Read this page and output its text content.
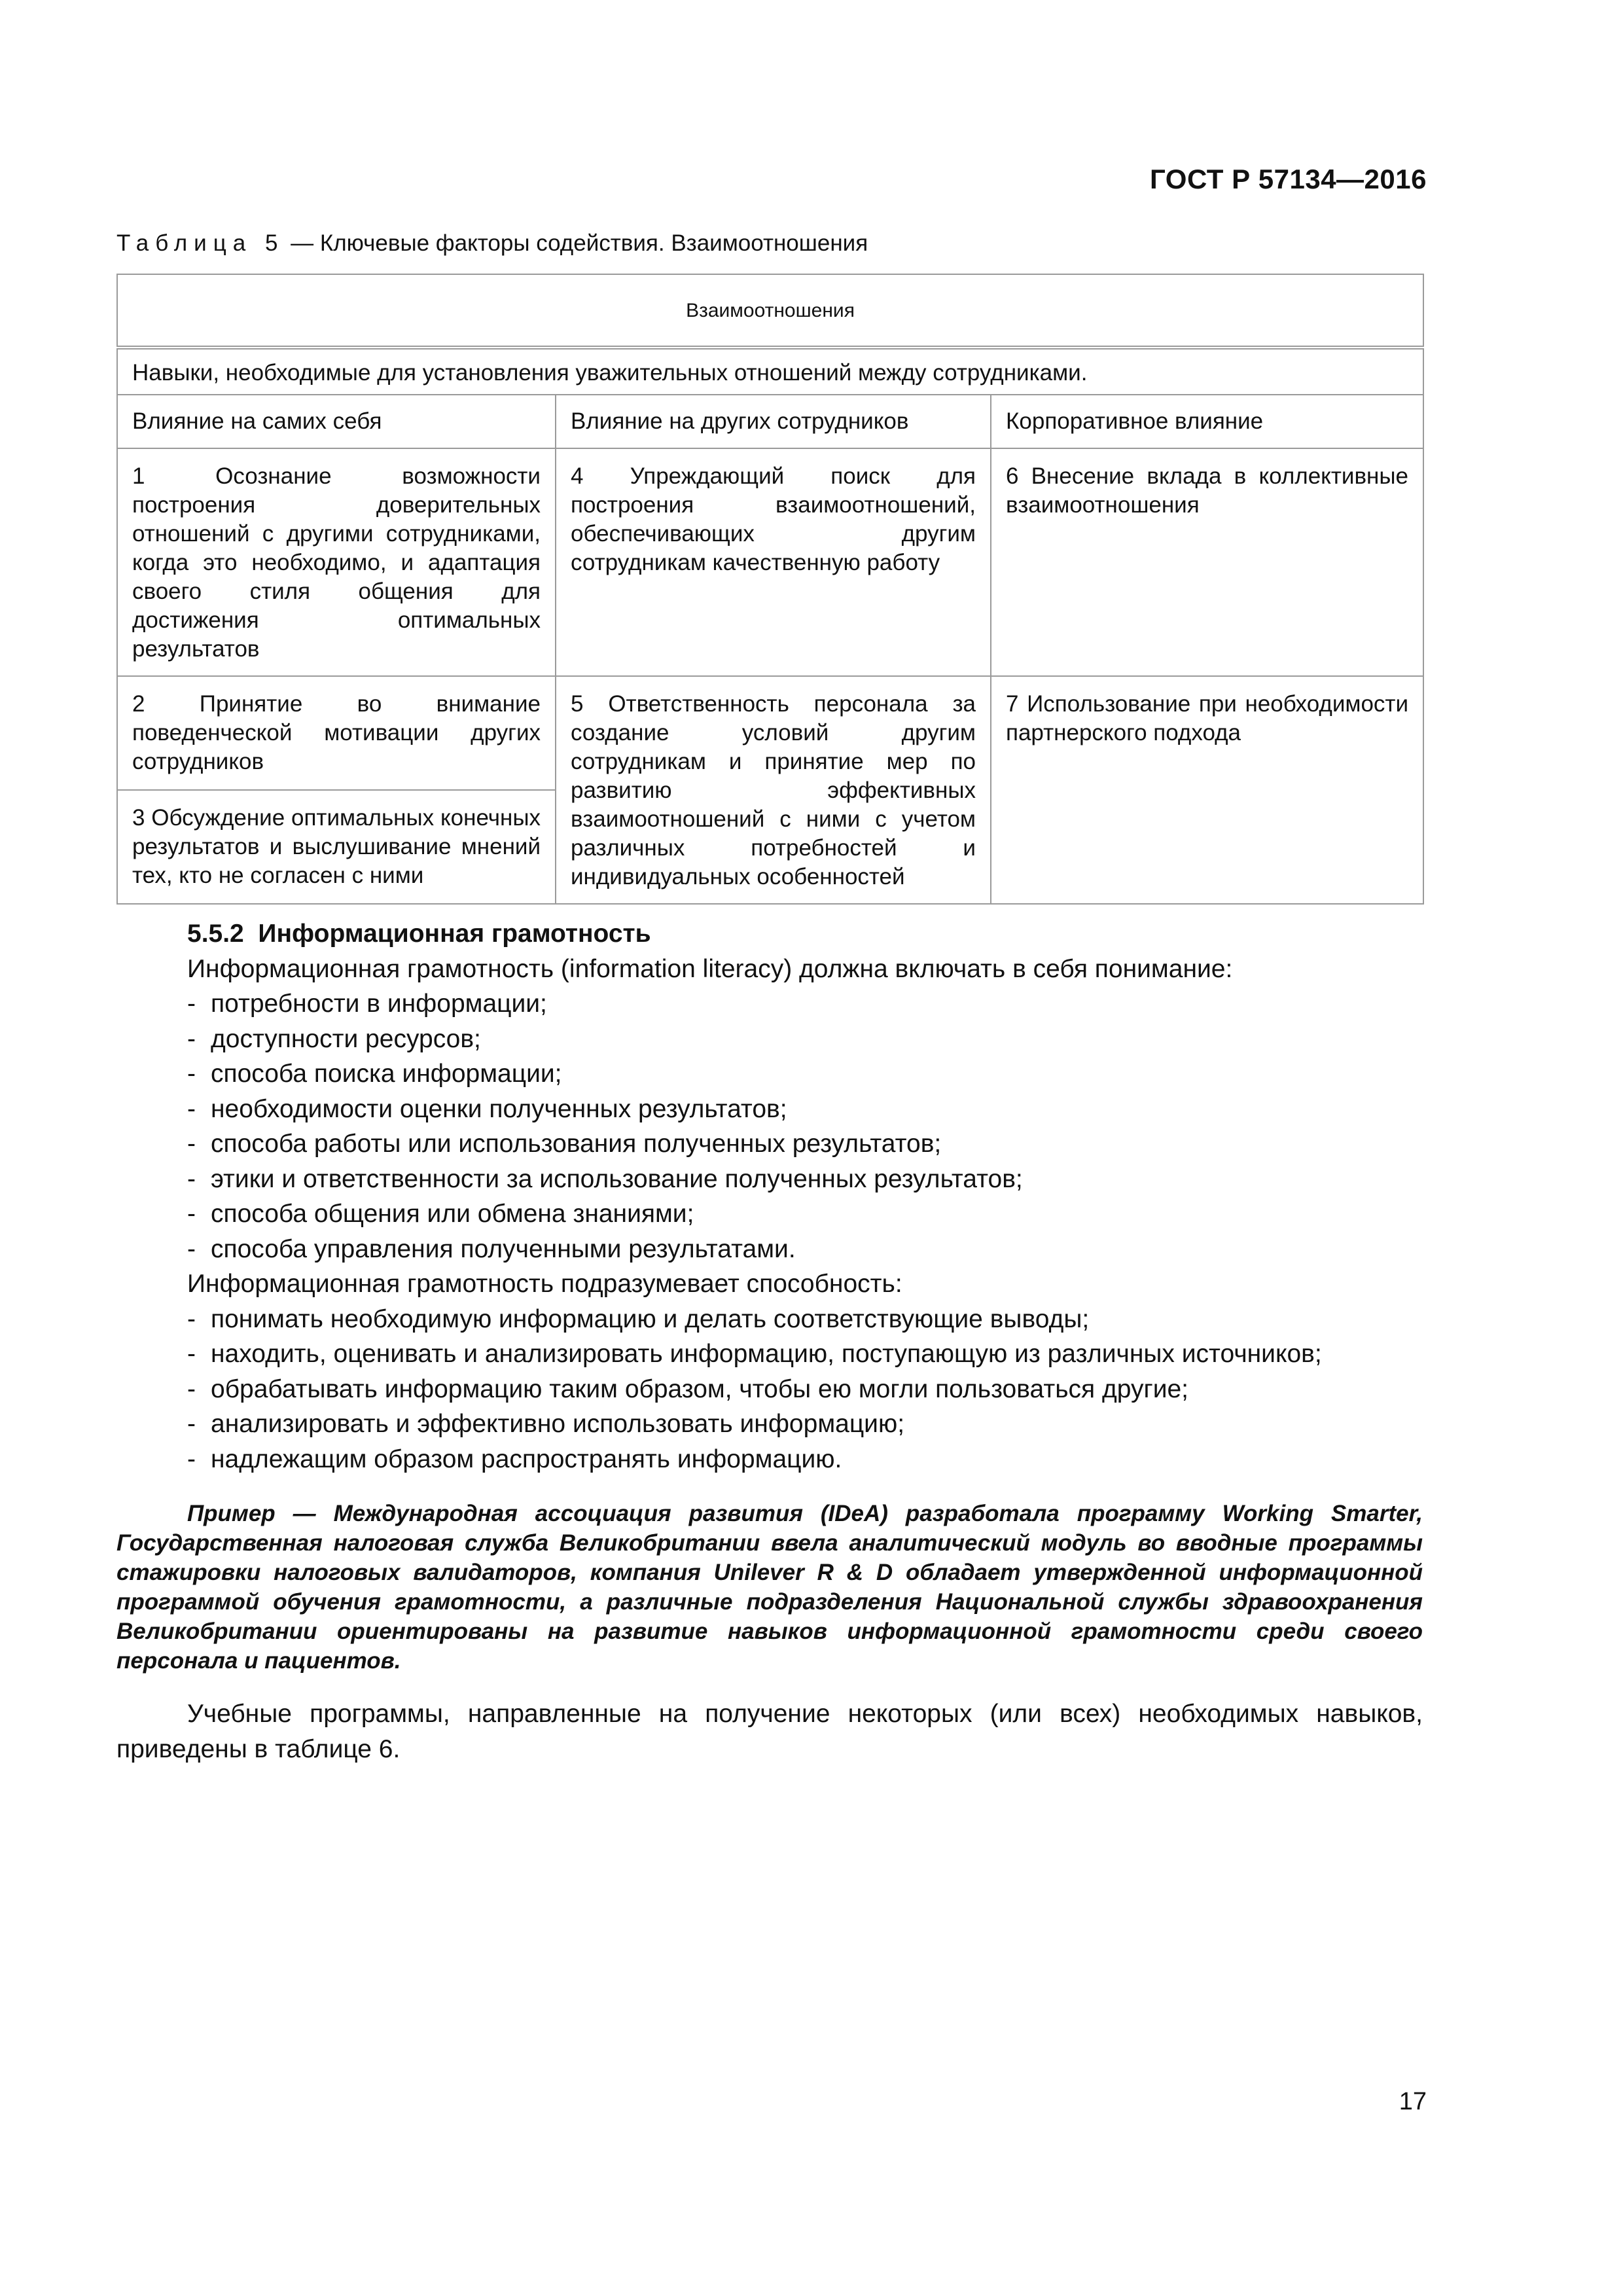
ГОСТ Р 57134—2016
Таблица 5 — Ключевые факторы содействия. Взаимоотношения
Взаимоотношения		
Навыки, необходимые для установления уважительных отношений между сотрудниками.		
Влияние на самих себя	Влияние на других сотрудников	Корпоративное влияние
1 Осознание возможности построения доверительных отношений с другими сотрудниками, когда это необходимо, и адаптация своего стиля общения для достижения оптимальных результатов	4 Упреждающий поиск для построения взаимоотношений, обеспечивающих другим сотрудникам качественную работу	6 Внесение вклада в коллективные взаимоотношения
2 Принятие во внимание поведенческой мотивации других сотрудников	5 Ответственность персонала за создание условий другим сотрудникам и принятие мер по развитию эффективных взаимоотношений с ними с учетом различных потребностей и индивидуальных особенностей	7 Использование при необходимости партнерского подхода
3 Обсуждение оптимальных конечных результатов и выслушивание мнений тех, кто не согласен с ними		
5.5.2 Информационная грамотность
Информационная грамотность (information literacy) должна включать в себя понимание:
- потребности в информации;
- доступности ресурсов;
- способа поиска информации;
- необходимости оценки полученных результатов;
- способа работы или использования полученных результатов;
- этики и ответственности за использование полученных результатов;
- способа общения или обмена знаниями;
- способа управления полученными результатами.
Информационная грамотность подразумевает способность:
- понимать необходимую информацию и делать соответствующие выводы;
- находить, оценивать и анализировать информацию, поступающую из различных источников;
- обрабатывать информацию таким образом, чтобы ею могли пользоваться другие;
- анализировать и эффективно использовать информацию;
- надлежащим образом распространять информацию.
Пример — Международная ассоциация развития (IDeA) разработала программу Working Smarter, Государственная налоговая служба Великобритании ввела аналитический модуль во вводные программы стажировки налоговых валидаторов, компания Unilever R & D обладает утвержденной информационной программой обучения грамотности, а различные подразделения Национальной службы здравоохранения Великобритании ориентированы на развитие навыков информационной грамотности среди своего персонала и пациентов.
Учебные программы, направленные на получение некоторых (или всех) необходимых навыков, приведены в таблице 6.
17
